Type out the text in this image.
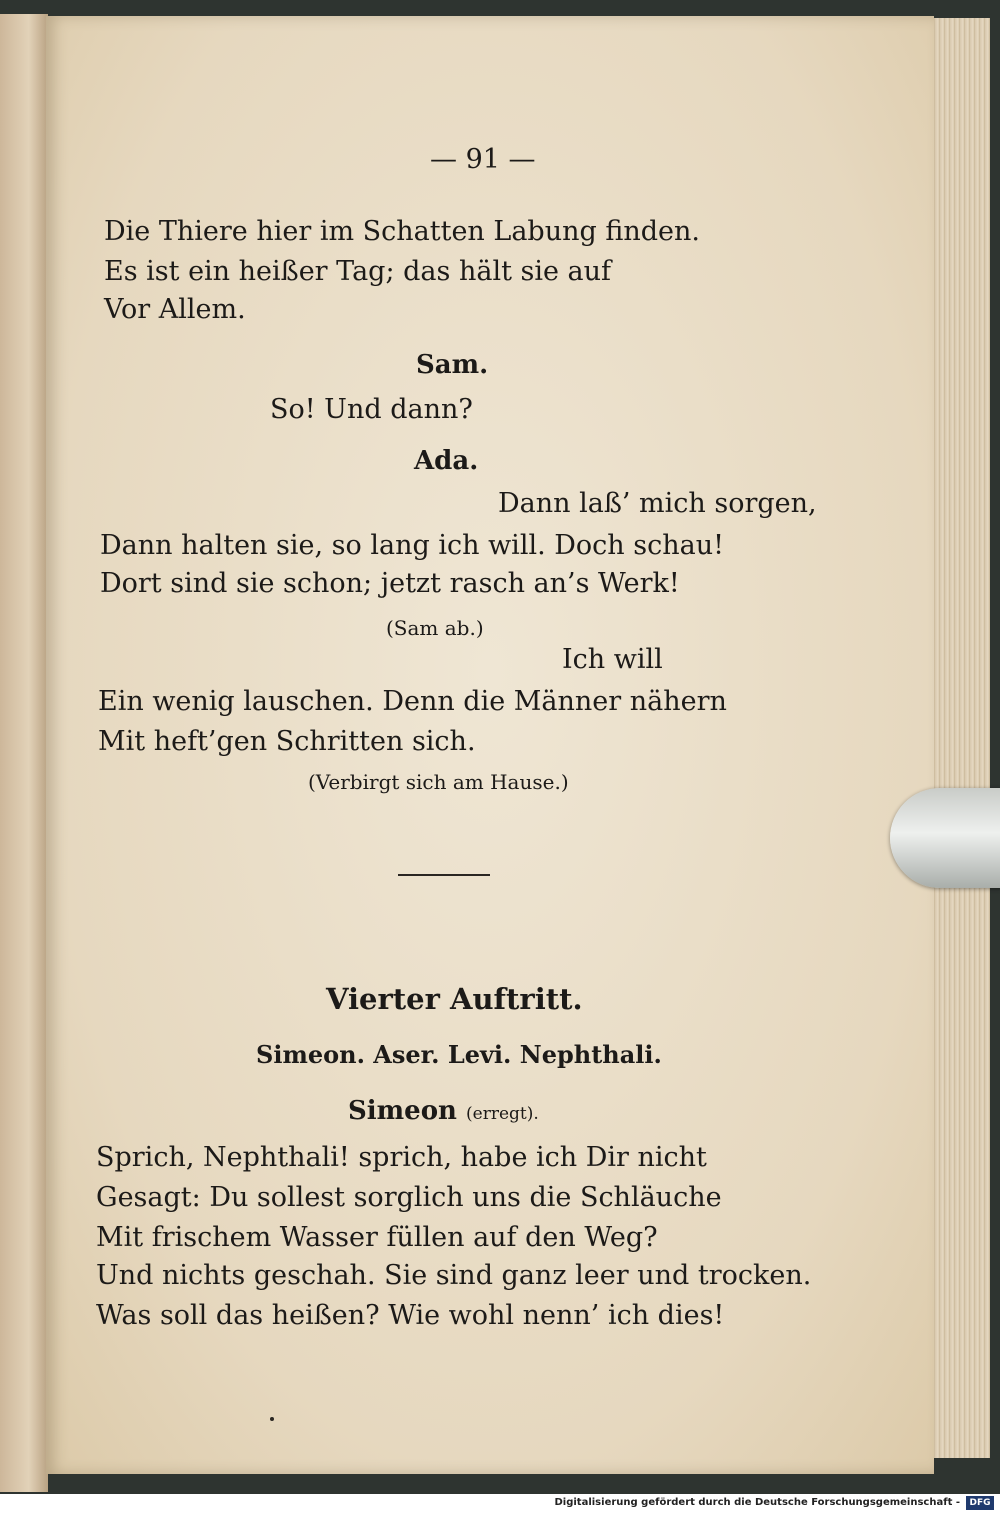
— 91 —
Die Thiere hier im Schatten Labung finden.
Es ist ein heißer Tag; das hält sie auf
Vor Allem.
Sam.
So! Und dann?
Ada.
Dann laß’ mich sorgen,
Dann halten sie, so lang ich will. Doch schau!
Dort sind sie schon; jetzt rasch an’s Werk!
(Sam ab.)
Ich will
Ein wenig lauschen. Denn die Männer nähern
Mit heft’gen Schritten sich.
(Verbirgt sich am Hause.)
Vierter Auftritt.
Simeon. Aser. Levi. Nephthali.
Simeon (erregt).
Sprich, Nephthali! sprich, habe ich Dir nicht
Gesagt: Du sollest sorglich uns die Schläuche
Mit frischem Wasser füllen auf den Weg?
Und nichts geschah. Sie sind ganz leer und trocken.
Was soll das heißen? Wie wohl nenn’ ich dies!
Digitalisierung gefördert durch die Deutsche Forschungsgemeinschaft -	DFG
